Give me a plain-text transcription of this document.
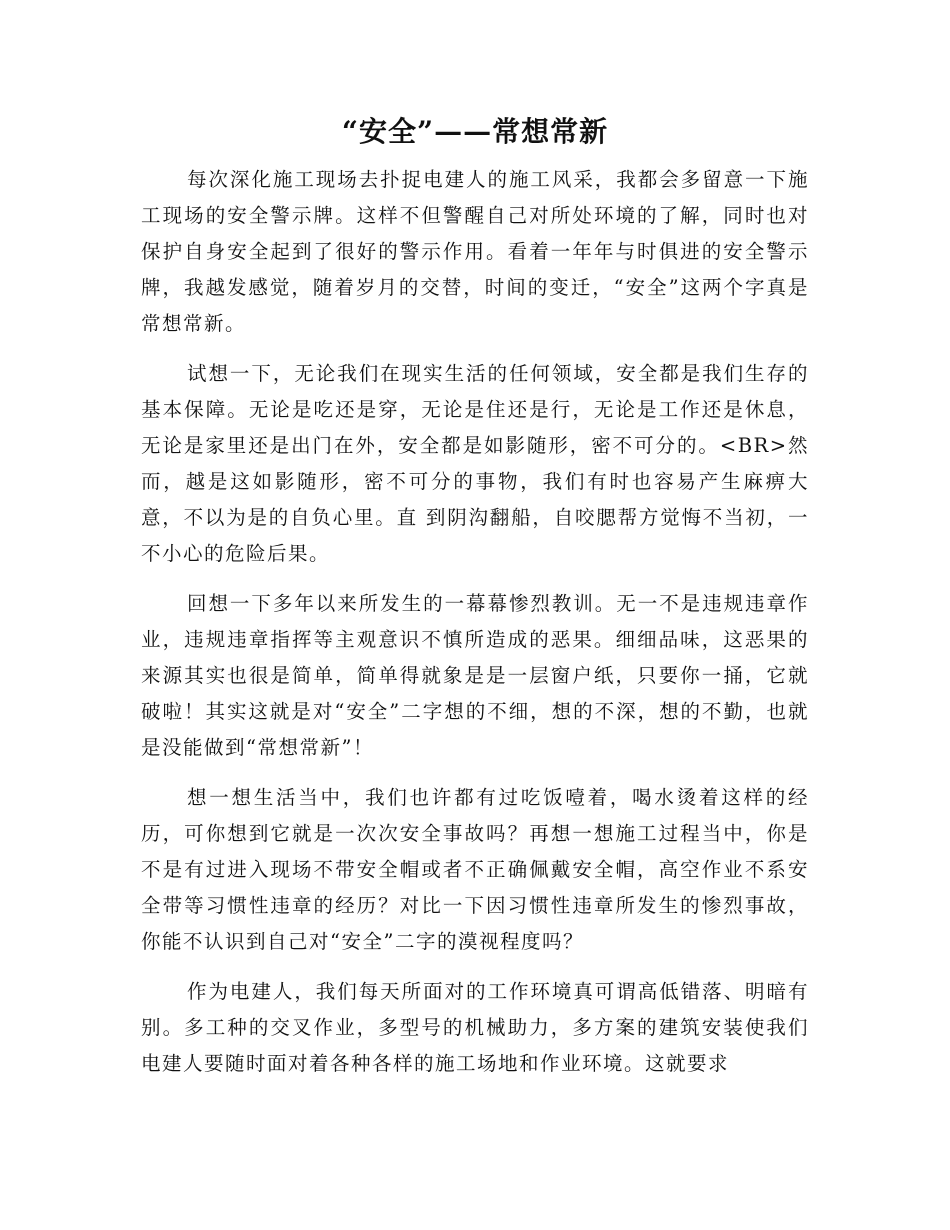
“安全”——常想常新

每次深化施工现场去扑捉电建人的施工风采，我都会多留意一下施工现场的安全警示牌。这样不但警醒自己对所处环境的了解，同时也对保护自身安全起到了很好的警示作用。看着一年年与时俱进的安全警示牌，我越发感觉，随着岁月的交替，时间的变迁，“安全”这两个字真是常想常新。

试想一下，无论我们在现实生活的任何领域，安全都是我们生存的基本保障。无论是吃还是穿，无论是住还是行，无论是工作还是休息，无论是家里还是出门在外，安全都是如影随形，密不可分的。<BR>然而，越是这如影随形，密不可分的事物，我们有时也容易产生麻痹大意，不以为是的自负心里。直 到阴沟翻船，自咬腮帮方觉悔不当初，一不小心的危险后果。

回想一下多年以来所发生的一幕幕惨烈教训。无一不是违规违章作业，违规违章指挥等主观意识不慎所造成的恶果。细细品味，这恶果的来源其实也很是简单，简单得就象是是一层窗户纸，只要你一捅，它就破啦！其实这就是对“安全”二字想的不细，想的不深，想的不勤，也就是没能做到“常想常新”！

想一想生活当中，我们也许都有过吃饭噎着，喝水烫着这样的经历，可你想到它就是一次次安全事故吗？再想一想施工过程当中，你是不是有过进入现场不带安全帽或者不正确佩戴安全帽，高空作业不系安全带等习惯性违章的经历？对比一下因习惯性违章所发生的惨烈事故，你能不认识到自己对“安全”二字的漠视程度吗？

作为电建人，我们每天所面对的工作环境真可谓高低错落、明暗有别。多工种的交叉作业，多型号的机械助力，多方案的建筑安装使我们电建人要随时面对着各种各样的施工场地和作业环境。这就要求
